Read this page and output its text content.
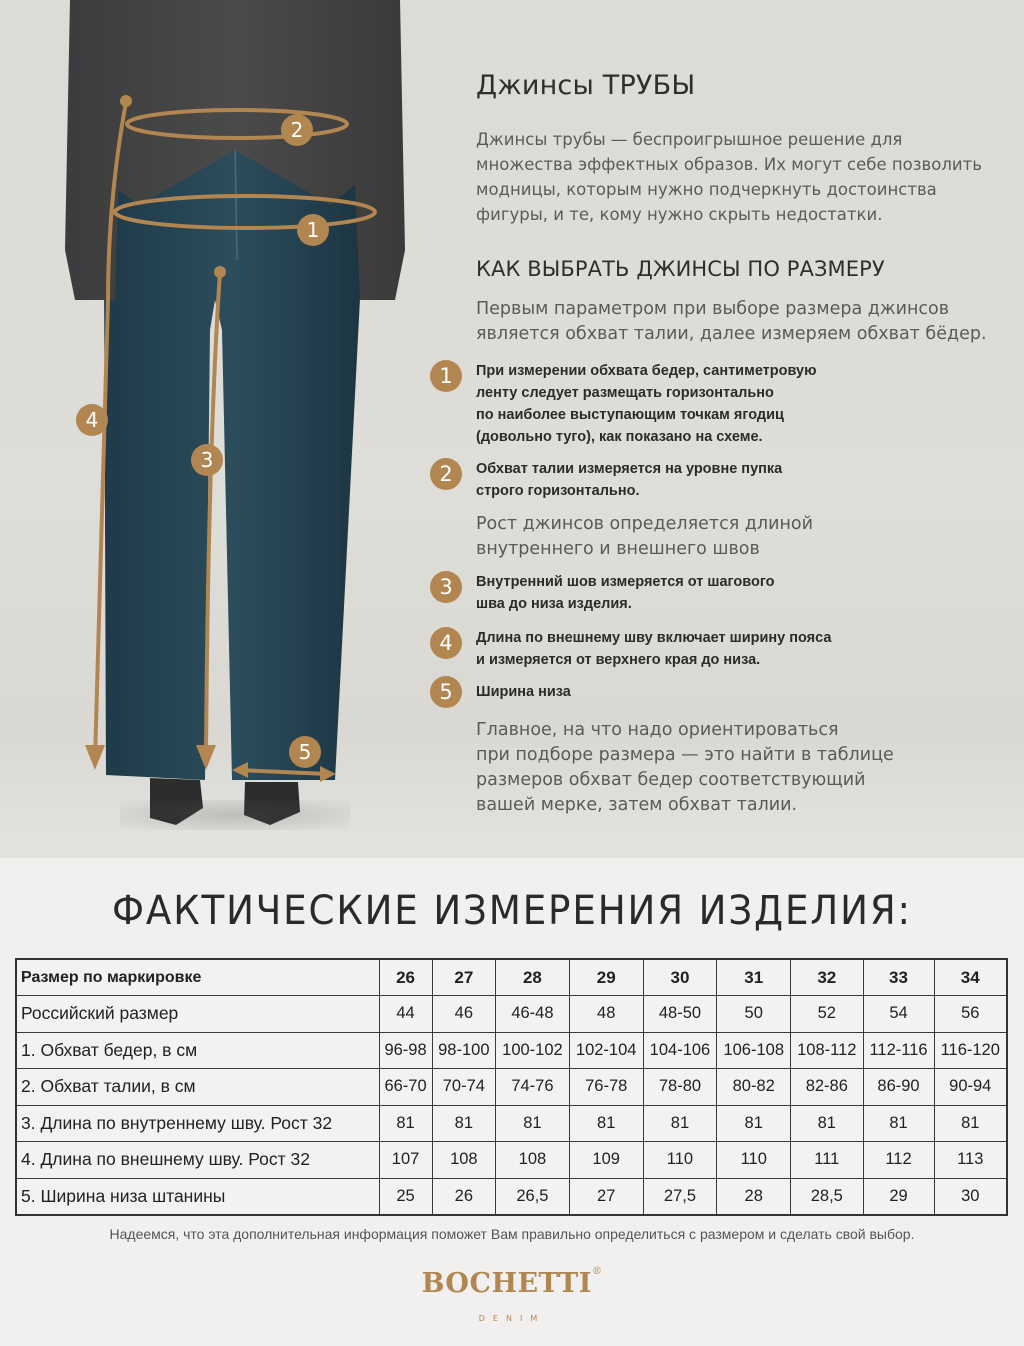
2
1
3
4
5
Джинсы ТРУБЫ
Джинсы трубы — беспроигрышное решение для
множества эффектных образов. Их могут себе позволить
модницы, которым нужно подчеркнуть достоинства
фигуры, и те, кому нужно скрыть недостатки.
КАК ВЫБРАТЬ ДЖИНСЫ ПО РАЗМЕРУ
Первым параметром при выборе размера джинсов
является обхват талии, далее измеряем обхват бёдер.
1	При измерении обхвата бедер, сантиметровую
ленту следует размещать горизонтально
по наиболее выступающим точкам ягодиц
(довольно туго), как показано на схеме.
2	Обхват талии измеряется на уровне пупка
строго горизонтально.
Рост джинсов определяется длиной
внутреннего и внешнего швов
3	Внутренний шов измеряется от шагового
шва до низа изделия.
4	Длина по внешнему шву включает ширину пояса
и измеряется от верхнего края до низа.
5	Ширина низа
Главное, на что надо ориентироваться
при подборе размера — это найти в таблице
размеров обхват бедер соответствующий
вашей мерке, затем обхват талии.
ФАКТИЧЕСКИЕ ИЗМЕРЕНИЯ ИЗДЕЛИЯ:
Размер по маркировке	26	27	28	29	30	31	32	33	34
Российский размер	44	46	46-48	48	48-50	50	52	54	56
1. Обхват бедер, в см	96-98	98-100	100-102	102-104	104-106	106-108	108-112	112-116	116-120
2. Обхват талии, в см	66-70	70-74	74-76	76-78	78-80	80-82	82-86	86-90	90-94
3. Длина по внутреннему шву. Рост 32	81	81	81	81	81	81	81	81	81
4. Длина по внешнему шву. Рост 32	107	108	108	109	110	110	111	112	113
5. Ширина низа штанины	25	26	26,5	27	27,5	28	28,5	29	30
Надеемся, что эта дополнительная информация поможет Вам правильно определиться с размером и сделать свой выбор.
BOCHETTI®
DENIM
